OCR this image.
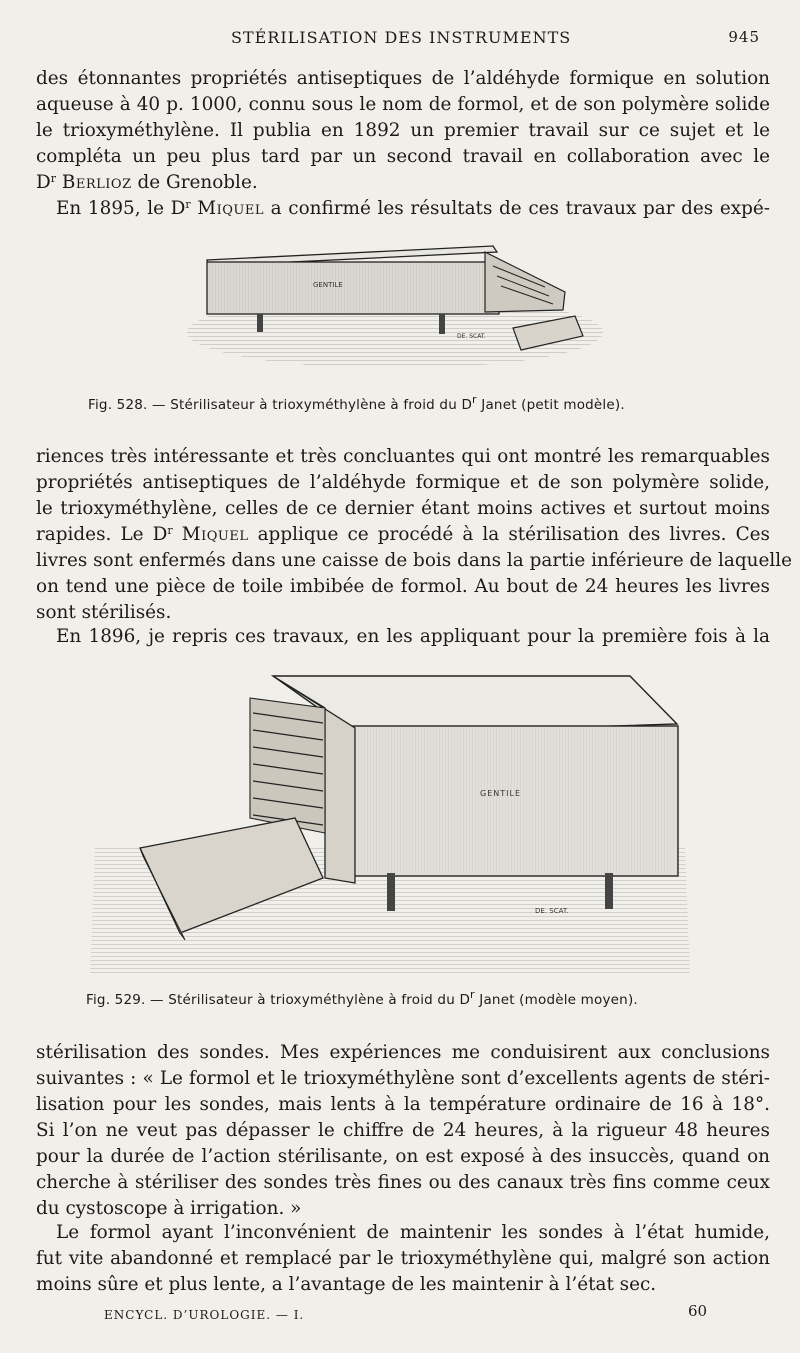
STÉRILISATION DES INSTRUMENTS	945
des étonnantes propriétés antiseptiques de l’aldéhyde formique en solution
aqueuse à 40 p. 1000, connu sous le nom de formol, et de son polymère solide
le trioxyméthylène. Il publia en 1892 un premier travail sur ce sujet et le
compléta un peu plus tard par un second travail en collaboration avec le
$D^r$ Berlioz de Grenoble.
En 1895, le $D^r$ Miquel a confirmé les résultats de ces travaux par des expé-
GENTILE
DE. SCAT.
Fig. 528. — Stérilisateur à trioxyméthylène à froid du $D^r$ Janet (petit modèle).
riences très intéressante et très concluantes qui ont montré les remarquables
propriétés antiseptiques de l’aldéhyde formique et de son polymère solide,
le trioxyméthylène, celles de ce dernier étant moins actives et surtout moins
rapides. Le $D^r$ Miquel applique ce procédé à la stérilisation des livres. Ces
livres sont enfermés dans une caisse de bois dans la partie inférieure de laquelle
on tend une pièce de toile imbibée de formol. Au bout de 24 heures les livres
sont stérilisés.
En 1896, je repris ces travaux, en les appliquant pour la première fois à la
GENTILE
DE. SCAT.
Fig. 529. — Stérilisateur à trioxyméthylène à froid du $D^r$ Janet (modèle moyen).
stérilisation des sondes. Mes expériences me conduisirent aux conclusions
suivantes : « Le formol et le trioxyméthylène sont d’excellents agents de stéri-
lisation pour les sondes, mais lents à la température ordinaire de 16 à 18°.
Si l’on ne veut pas dépasser le chiffre de 24 heures, à la rigueur 48 heures
pour la durée de l’action stérilisante, on est exposé à des insuccès, quand on
cherche à stériliser des sondes très fines ou des canaux très fins comme ceux
du cystoscope à irrigation. »
Le formol ayant l’inconvénient de maintenir les sondes à l’état humide,
fut vite abandonné et remplacé par le trioxyméthylène qui, malgré son action
moins sûre et plus lente, a l’avantage de les maintenir à l’état sec.
ENCYCL. D’UROLOGIE. — I.	60
